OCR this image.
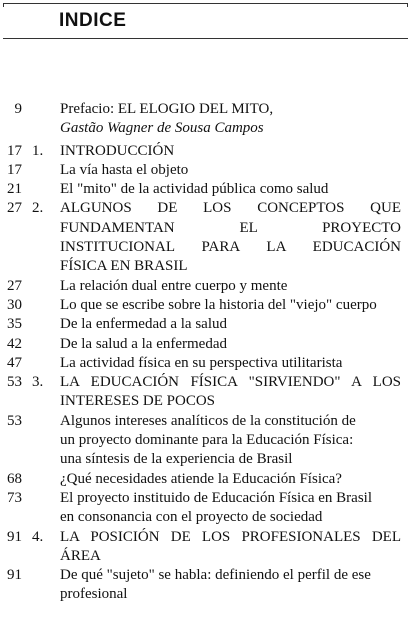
INDICE
9	Prefacio: EL ELOGIO DEL MITO,
Gastão Wagner de Sousa Campos
17 1. INTRODUCCIÓN
17	La vía hasta el objeto
21	El "mito" de la actividad pública como salud
27 2. ALGUNOS DE LOS CONCEPTOS QUE
FUNDAMENTAN EL PROYECTO
INSTITUCIONAL PARA LA EDUCACIÓN
FÍSICA EN BRASIL
27	La relación dual entre cuerpo y mente
30	Lo que se escribe sobre la historia del "viejo" cuerpo
35	De la enfermedad a la salud
42	De la salud a la enfermedad
47	La actividad física en su perspectiva utilitarista
53 3. LA EDUCACIÓN FÍSICA "SIRVIENDO" A LOS
INTERESES DE POCOS
53	Algunos intereses analíticos de la constitución de
un proyecto dominante para la Educación Física:
una síntesis de la experiencia de Brasil
68	¿Qué necesidades atiende la Educación Física?
73	El proyecto instituido de Educación Física en Brasil
en consonancia con el proyecto de sociedad
91 4. LA POSICIÓN DE LOS PROFESIONALES DEL
ÁREA
91	De qué "sujeto" se habla: definiendo el perfil de ese
profesional
